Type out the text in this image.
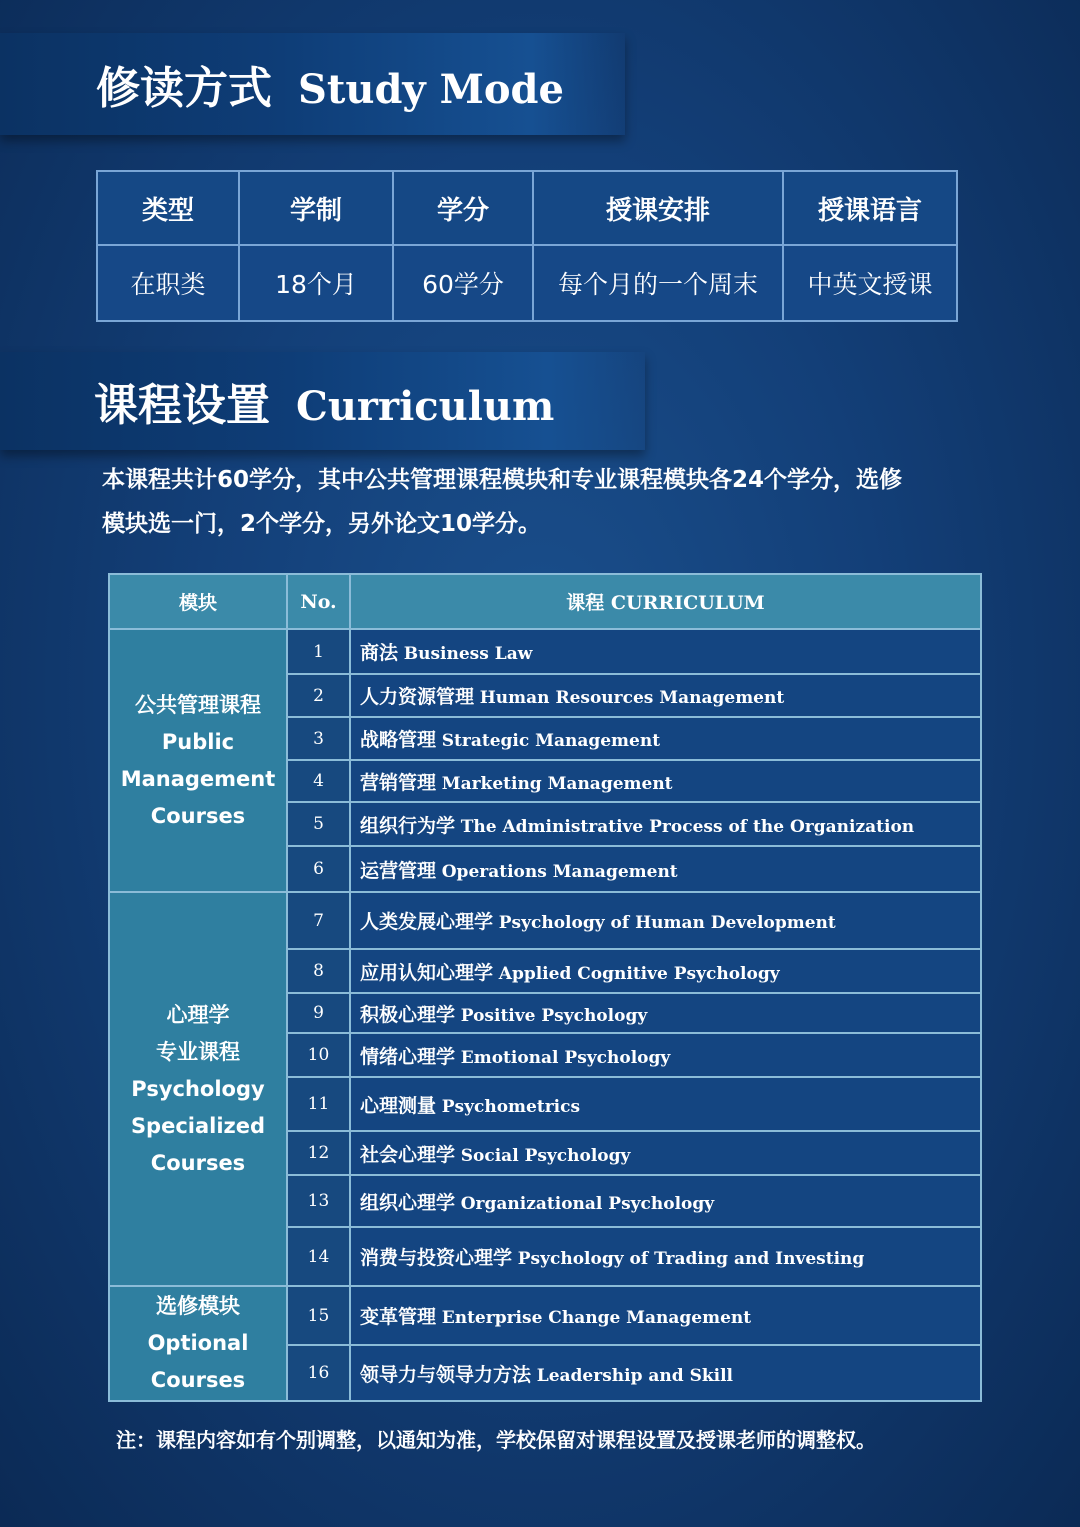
修读方式 Study Mode
类型	学制	学分	授课安排	授课语言
在职类	18个月	60学分	每个月的一个周末	中英文授课
课程设置 Curriculum
本课程共计60学分，其中公共管理课程模块和专业课程模块各24个学分，选修
模块选一门，2个学分，另外论文10学分。
模块	No.	课程 CURRICULUM

公共管理课程
Public
Management
Courses	1	商法 Business Law
	2	人力资源管理 Human Resources Management
	3	战略管理 Strategic Management
	4	营销管理 Marketing Management
	5	组织行为学 The Administrative Process of the Organization
	6	运营管理 Operations Management

心理学
专业课程
Psychology
Specialized
Courses	7	人类发展心理学 Psychology of Human Development
	8	应用认知心理学 Applied Cognitive Psychology
	9	积极心理学 Positive Psychology
	10	情绪心理学 Emotional Psychology
	11	心理测量 Psychometrics
	12	社会心理学 Social Psychology
	13	组织心理学 Organizational Psychology
	14	消费与投资心理学 Psychology of Trading and Investing

选修模块
Optional
Courses	15	变革管理 Enterprise Change Management
	16	领导力与领导力方法 Leadership and Skill
注：课程内容如有个别调整，以通知为准，学校保留对课程设置及授课老师的调整权。
